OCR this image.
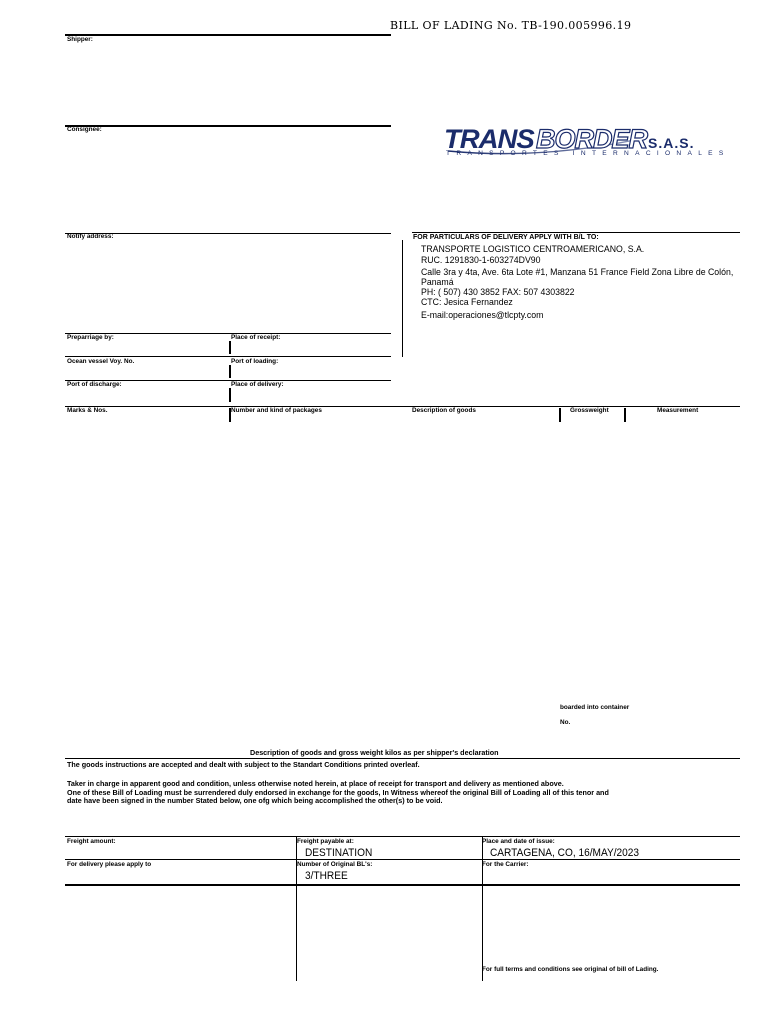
BILL OF LADING No. TB-190.005996.19
Shipper:
Consignee:	TRANS BORDER S.A.S.
TRANSPORTES INTERNACIONALES
Notify address:	FOR PARTICULARS OF DELIVERY APPLY WITH B/L TO:
TRANSPORTE LOGISTICO CENTROAMERICANO, S.A.
RUC. 1291830-1-603274DV90
Calle 3ra y 4ta, Ave. 6ta Lote #1, Manzana 51 France Field Zona Libre de Colón,
Panamá
PH: ( 507) 430 3852 FAX: 507 4303822
CTC: Jesica Fernandez
E-mail:operaciones@tlcpty.com
Preparriage by:	Place of receipt:
Ocean vessel Voy. No.	Port of loading:
Port of discharge:	Place of delivery:
Marks & Nos.	Number and kind of packages	Description of goods	Grossweight	Measurement
boarded into container
No.
Description of goods and gross weight kilos as per shipper's declaration
The goods instructions are accepted and dealt with subject to the Standart Conditions printed overleaf.
Taker in charge in apparent good and condition, unless otherwise noted herein, at place of receipt for transport and delivery as mentioned above.
One of these Bill of Loading must be surrendered duly endorsed in exchange for the goods, In Witness whereof the original Bill of Loading all of this tenor and
date have been signed in the number Stated below, one ofg which being accomplished the other(s) to be void.
Freight amount:	Freight payable at:
DESTINATION
Place and date of issue:
CARTAGENA, CO, 16/MAY/2023
For delivery please apply to	Number of Original BL's:
3/THREE
For the Carrier:
For full terms and conditions see original of bill of Lading.
